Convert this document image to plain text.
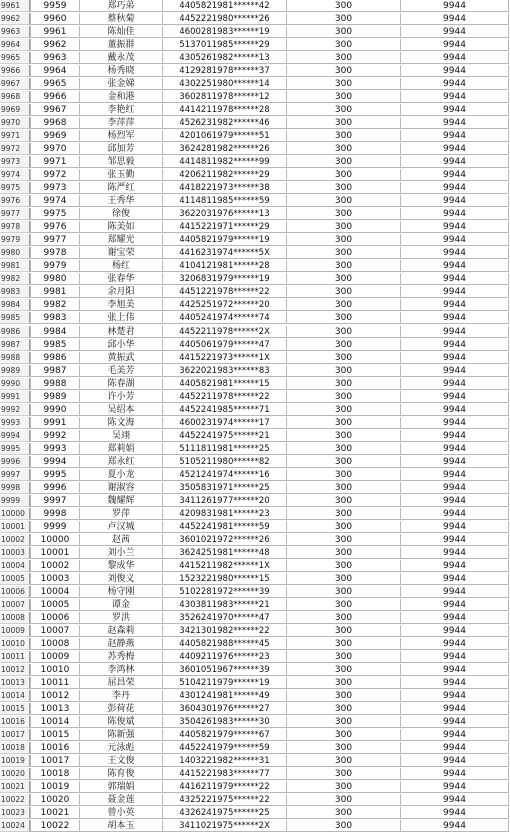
9961	9959	郑巧弟	4405821981******42	300	9944
9962	9960	蔡秋菊	4452221980******26	300	9944
9963	9961	陈灿佳	4600281983******19	300	9944
9964	9962	董振群	5137011985******29	300	9944
9965	9963	戴永茂	4305261982******13	300	9944
9966	9964	杨秀晓	4129281978******37	300	9944
9967	9965	张金娣	4302251980******14	300	9944
9968	9966	金和港	3602811978******12	300	9944
9969	9967	李艳红	4414211978******28	300	9944
9970	9968	李萍萍	4526231982******46	300	9944
9971	9969	杨烈军	4201061979******51	300	9944
9972	9970	邱加芳	3624281982******26	300	9944
9973	9971	邹思毅	4414811982******99	300	9944
9974	9972	张玉勤	4206211982******29	300	9944
9975	9973	陈严红	4418221973******38	300	9944
9976	9974	王秀华	4114811985******59	300	9944
9977	9975	徐俊	3622031976******13	300	9944
9978	9976	陈美如	4415221971******29	300	9944
9979	9977	郑耀光	4405821979******19	300	9944
9980	9978	谢宝荣	4416231974******5X	300	9944
9981	9979	杨红	4104121981******28	300	9944
9982	9980	张春华	3206831979******19	300	9944
9983	9981	余月阳	4451221978******22	300	9944
9984	9982	李旭美	4425251972******20	300	9944
9985	9983	张上伟	4405241974******74	300	9944
9986	9984	林楚君	4452211978******2X	300	9944
9987	9985	邱小华	4405061979******47	300	9944
9988	9986	黄振武	4415221973******1X	300	9944
9989	9987	毛美芳	3622021983******83	300	9944
9990	9988	陈春湖	4405821981******15	300	9944
9991	9989	许小芳	4452211978******22	300	9944
9992	9990	吴绍本	4452241985******71	300	9944
9993	9991	陈文海	4600231974******17	300	9944
9994	9992	吴翊	4452241975******21	300	9944
9995	9993	郑莉娟	5111811981******25	300	9944
9996	9994	郑永红	5105211980******82	300	9944
9997	9995	夏小龙	4521241974******16	300	9944
9998	9996	谢淑容	3505831971******25	300	9944
9999	9997	魏耀辉	3411261977******20	300	9944
10000	9998	罗萍	4209831981******23	300	9944
10001	9999	卢汉城	4452241981******59	300	9944
10002	10000	赵茜	3601021972******26	300	9944
10003	10001	刘小兰	3624251981******48	300	9944
10004	10002	黎成华	4415211982******1X	300	9944
10005	10003	刘俊义	1523221980******15	300	9944
10006	10004	杨守刚	5102281972******39	300	9944
10007	10005	谭金	4303811983******21	300	9944
10008	10006	罗洪	3526241970******47	300	9944
10009	10007	赵森莉	3421301982******22	300	9944
10010	10008	赵静燕	4405821988******45	300	9944
10011	10009	苏秀梅	4409211976******23	300	9944
10012	10010	李鸿林	3601051967******39	300	9944
10013	10011	屈昌荣	5104211979******19	300	9944
10014	10012	李丹	4301241981******49	300	9944
10015	10013	彭荷花	3604301976******27	300	9944
10016	10014	陈俊斌	3504261983******30	300	9944
10017	10015	陈新强	4405821979******67	300	9944
10018	10016	元泳彪	4452241979******59	300	9944
10019	10017	王文俊	1403221982******31	300	9944
10020	10018	陈育俊	4415221983******77	300	9944
10021	10019	郭瑞娟	4416211979******22	300	9944
10022	10020	聂金莲	4325221975******22	300	9944
10023	10021	曾小英	4326241975******25	300	9944
10024	10022	胡本玉	3411021975******2X	300	9944
